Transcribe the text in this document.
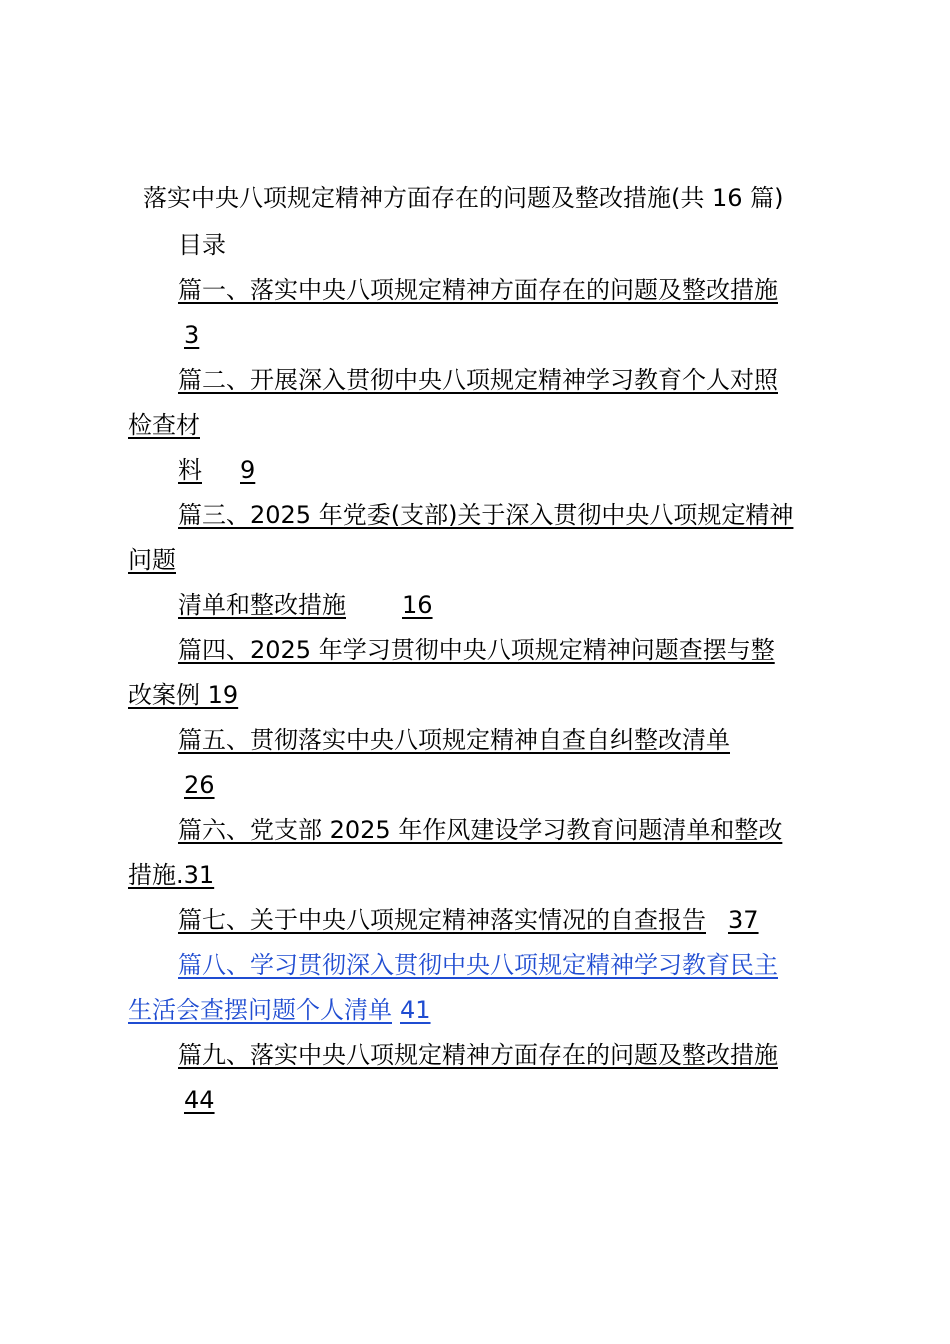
落实中央八项规定精神方面存在的问题及整改措施(共 16 篇)

目录

篇一、落实中央八项规定精神方面存在的问题及整改措施

3

篇二、开展深入贯彻中央八项规定精神学习教育个人对照

检查材

料 9

篇三、2025 年党委(支部)关于深入贯彻中央八项规定精神

问题

清单和整改措施 16

篇四、2025 年学习贯彻中央八项规定精神问题查摆与整

改案例 19

篇五、贯彻落实中央八项规定精神自查自纠整改清单

26

篇六、党支部 2025 年作风建设学习教育问题清单和整改

措施.31

篇七、关于中央八项规定精神落实情况的自查报告 37

篇八、学习贯彻深入贯彻中央八项规定精神学习教育民主

生活会查摆问题个人清单 41

篇九、落实中央八项规定精神方面存在的问题及整改措施

44
